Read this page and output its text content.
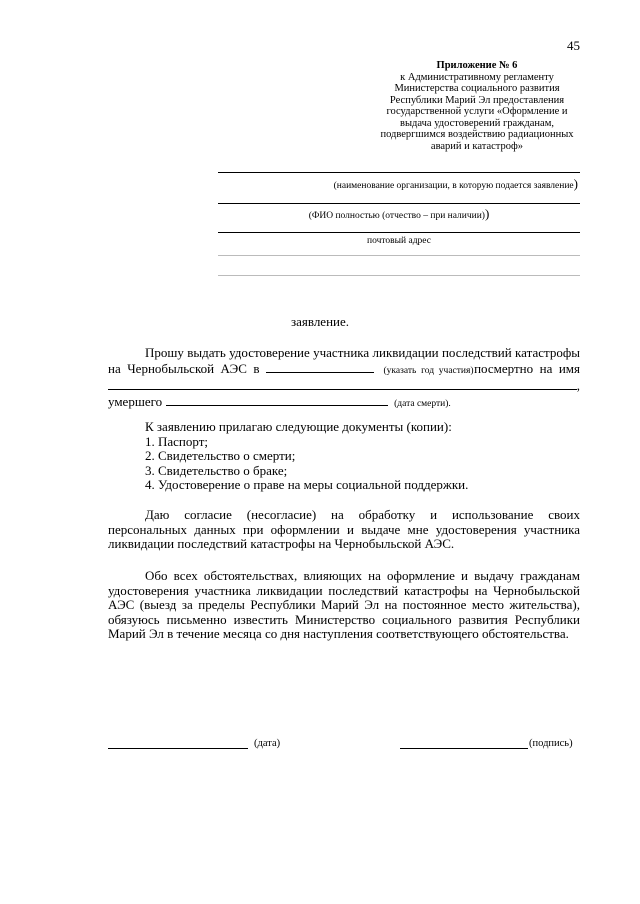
45
Приложение № 6
к Административному регламенту
Министерства социального развития
Республики Марий Эл предоставления
государственной услуги «Оформление и
выдача удостоверений гражданам,
подвергшимся воздействию радиационных
аварий и катастроф»
(наименование организации, в которую подается заявление)
(ФИО полностью (отчество – при наличии))
почтовый адрес
заявление.
Прошу выдать удостоверение участника ликвидации последствий катастрофы
на  Чернобыльской  АЭС  в	(указать  год  участия) посмертно  на  имя
,
умершего	(дата смерти).
К заявлению прилагаю следующие документы (копии):
1. Паспорт;
2. Свидетельство о смерти;
3. Свидетельство о браке;
4. Удостоверение о праве на меры социальной поддержки.
Даю согласие (несогласие) на обработку и использование своих
персональных данных при оформлении и выдаче мне удостоверения участника
ликвидации последствий катастрофы на Чернобыльской АЭС.
Обо всех обстоятельствах, влияющих на оформление и выдачу гражданам
удостоверения участника ликвидации последствий катастрофы на Чернобыльской
АЭС (выезд за пределы Республики Марий Эл на постоянное место жительства),
обязуюсь письменно известить Министерство социального развития Республики
Марий Эл в течение месяца со дня наступления соответствующего обстоятельства.
(дата)	(подпись)
